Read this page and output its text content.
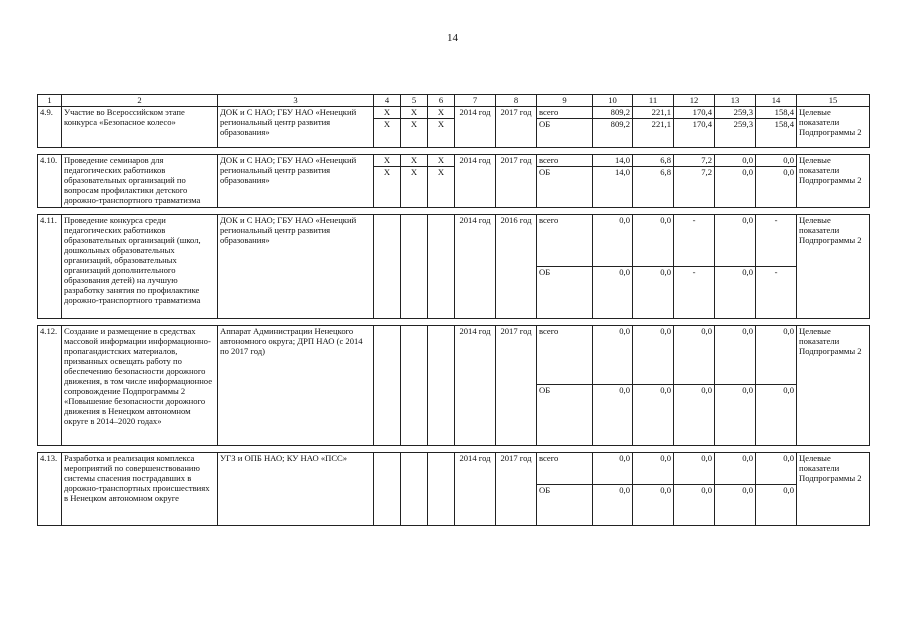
14
1	2	3	4	5	6	7	8	9	10	11	12	13	14	15
4.9.	Участие во Всероссийском этапе конкурса «Безопасное колесо»	ДОК и С НАО; ГБУ НАО «Ненецкий региональный центр развития образования»	X	X	X	2014 год	2017 год	всего	809,2	221,1	170,4	259,3	158,4	Целевые показатели Подпрограммы 2
			X	X	X			ОБ	809,2	221,1	170,4	259,3	158,4	

4.10.	Проведение семинаров для педагогических работников образовательных организаций по вопросам профилактики детского дорожно-транспортного травматизма	ДОК и С НАО; ГБУ НАО «Ненецкий региональный центр развития образования»	X	X	X	2014 год	2017 год	всего	14,0	6,8	7,2	0,0	0,0	Целевые показатели Подпрограммы 2
			X	X	X			ОБ	14,0	6,8	7,2	0,0	0,0	

4.11.	Проведение конкурса среди педагогических работников образовательных организаций (школ, дошкольных образовательных организаций, образовательных организаций дополнительного образования детей) на лучшую разработку занятия по профилактике дорожно-транспортного травматизма	ДОК и С НАО; ГБУ НАО «Ненецкий региональный центр развития образования»				2014 год	2016 год	всего	0,0	0,0	-	0,0	-	Целевые показатели Подпрограммы 2
								ОБ	0,0	0,0	-	0,0	-	

4.12.	Создание и размещение в средствах массовой информации информационно-пропагандистских материалов, призванных освещать работу по обеспечению безопасности дорожного движения, в том числе информационное сопровождение Подпрограммы 2 «Повышение безопасности дорожного движения в Ненецком автономном округе в 2014–2020 годах»	Аппарат Администрации Ненецкого автономного округа; ДРП НАО (с 2014 по 2017 год)				2014 год	2017 год	всего	0,0	0,0	0,0	0,0	0,0	Целевые показатели Подпрограммы 2
								ОБ	0,0	0,0	0,0	0,0	0,0	

4.13.	Разработка и реализация комплекса мероприятий по совершенствованию системы спасения пострадавших в дорожно-транспортных происшествиях в Ненецком автономном округе	УГЗ и ОПБ НАО; КУ НАО «ПСС»				2014 год	2017 год	всего	0,0	0,0	0,0	0,0	0,0	Целевые показатели Подпрограммы 2
								ОБ	0,0	0,0	0,0	0,0	0,0	
